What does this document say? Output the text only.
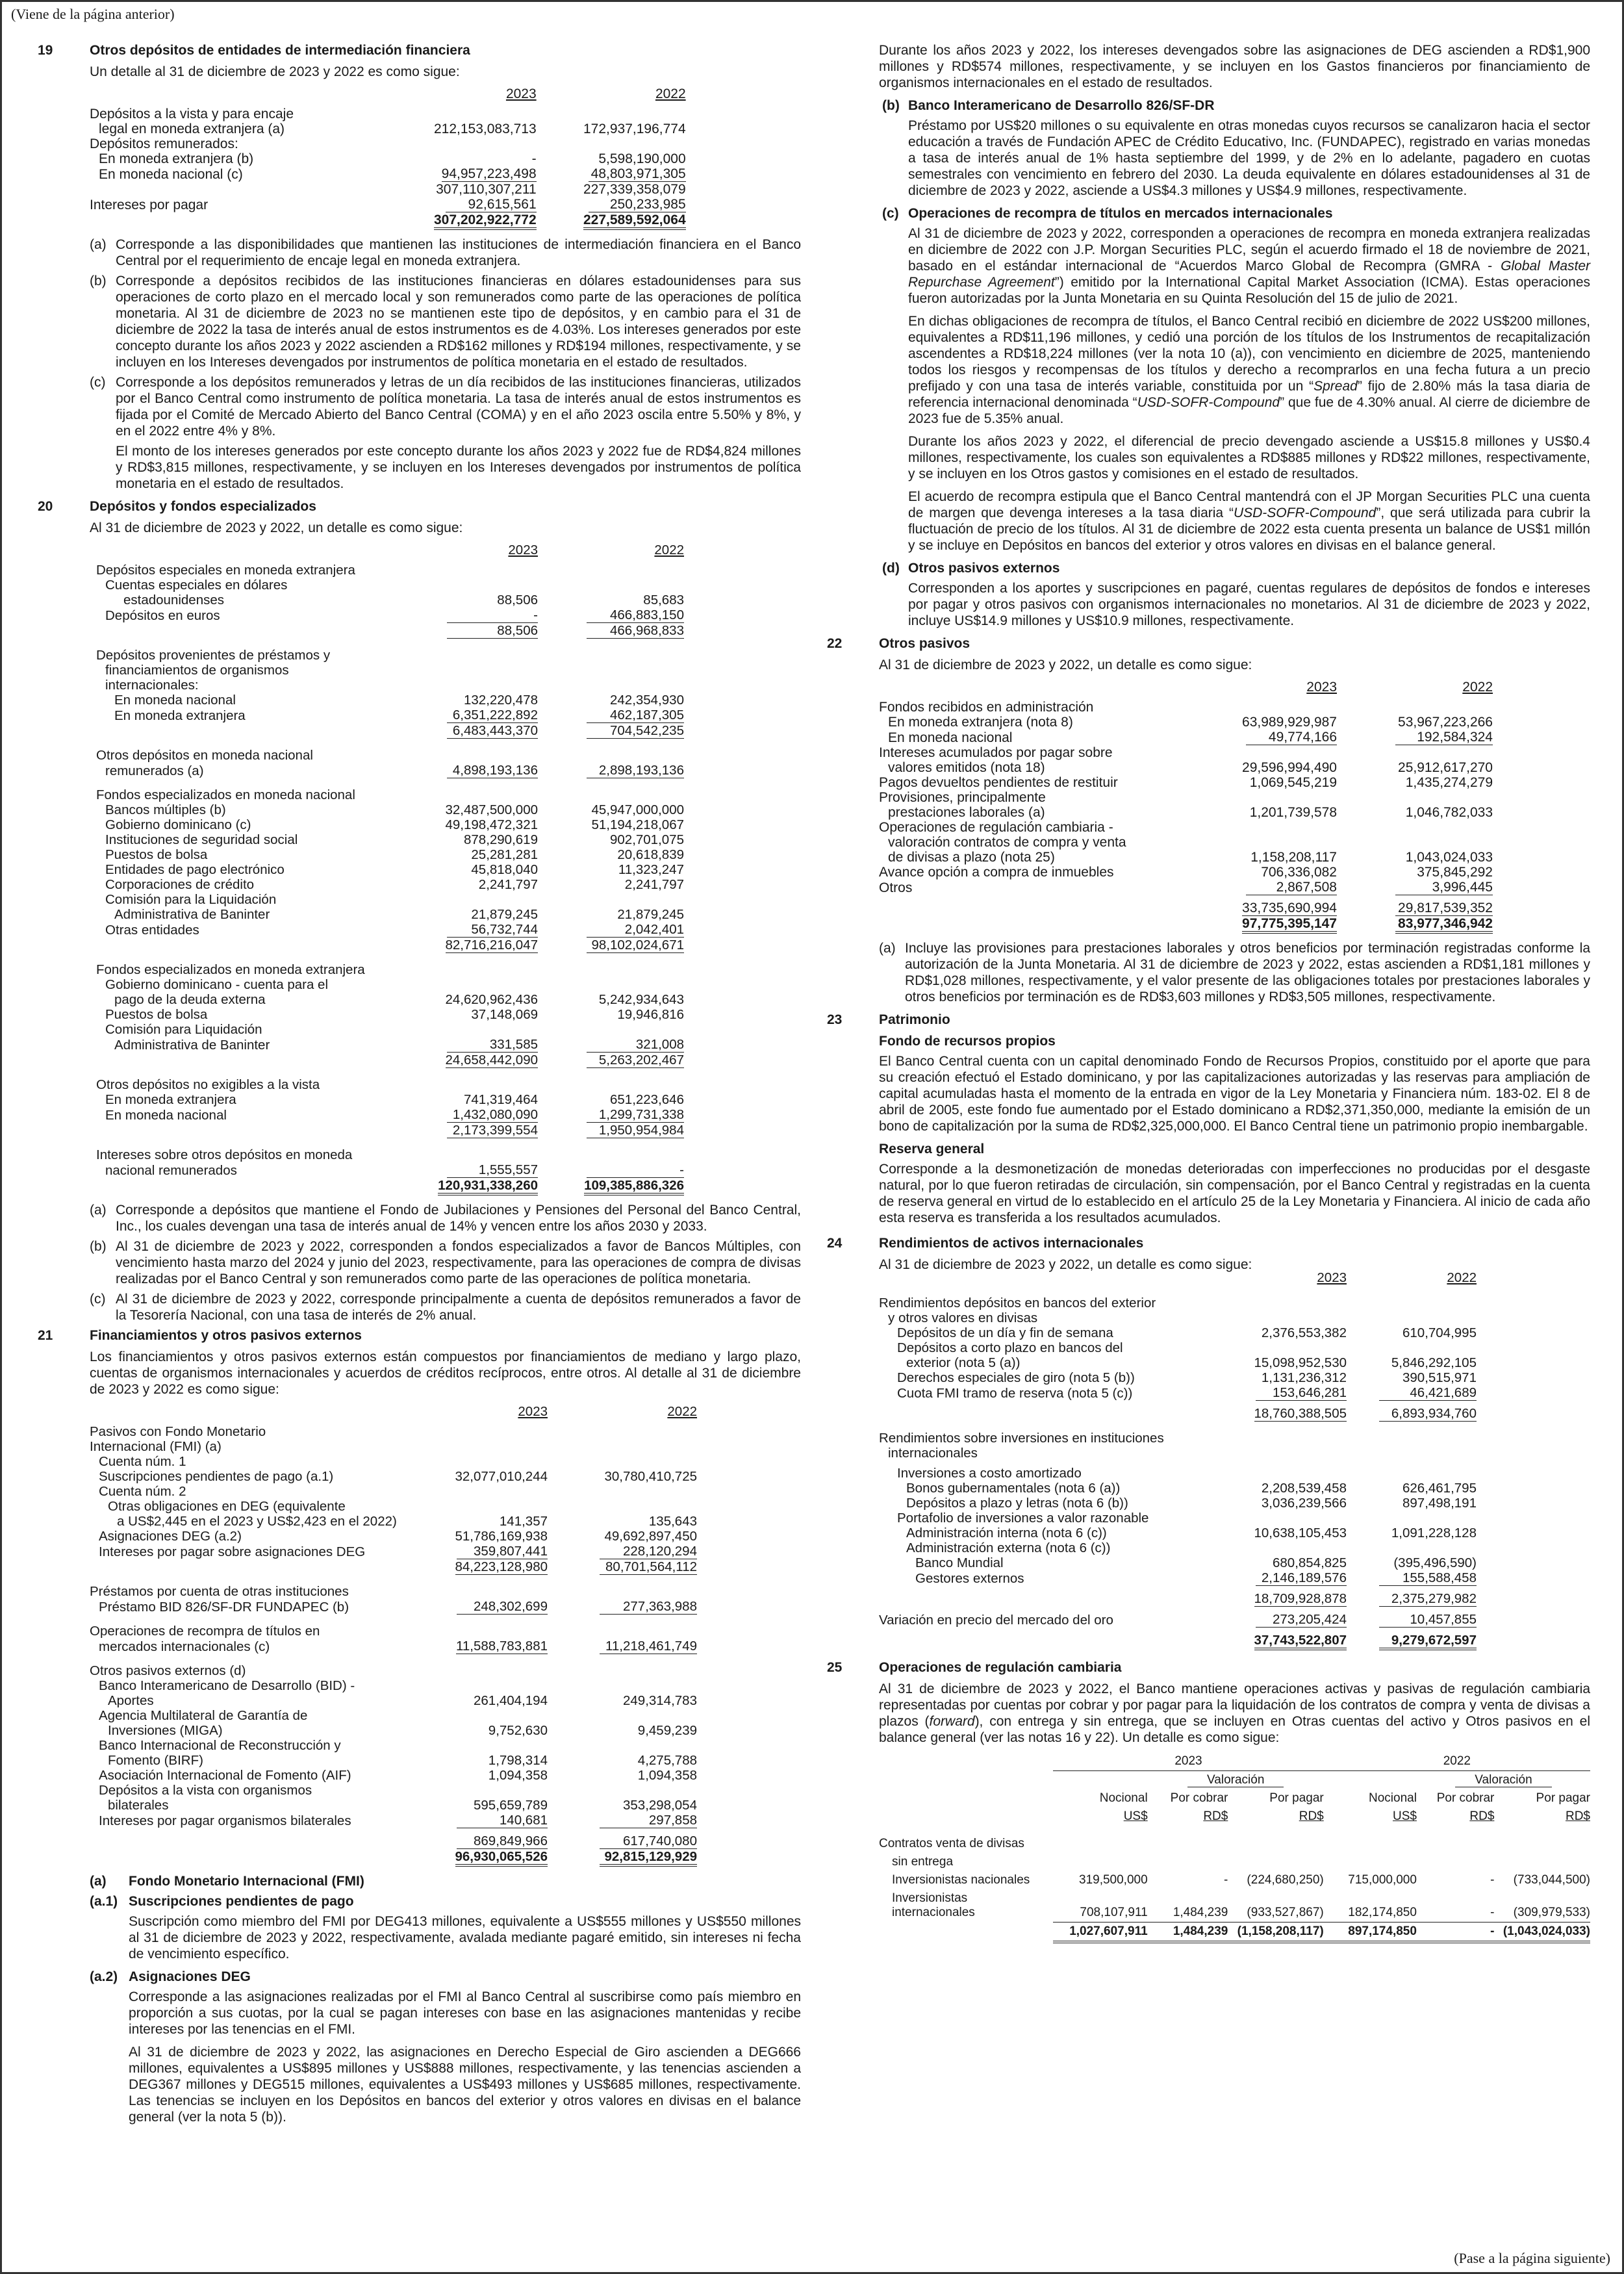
(Viene de la página anterior)
19	Otros depósitos de entidades de intermediación financiera

Un detalle al 31 de diciembre de 2023 y 2022 es como sigue:

	2023	2022

Depósitos a la vista y para encaje		
legal en moneda extranjera (a)	212,153,083,713	172,937,196,774
Depósitos remunerados:		
En moneda extranjera (b)	-	5,598,190,000
En moneda nacional (c)	94,957,223,498	48,803,971,305
	307,110,307,211	227,339,358,079
Intereses por pagar	92,615,561	250,233,985
	307,202,922,772	227,589,592,064
(a) Corresponde a las disponibilidades que mantienen las instituciones de intermediación financiera en el Banco Central por el requerimiento de encaje legal en moneda extranjera.
(b) Corresponde a depósitos recibidos de las instituciones financieras en dólares estadounidenses para sus operaciones de corto plazo en el mercado local y son remunerados como parte de las operaciones de política monetaria. Al 31 de diciembre de 2023 no se mantienen este tipo de depósitos, y en cambio para el 31 de diciembre de 2022 la tasa de interés anual de estos instrumentos es de 4.03%. Los intereses generados por este concepto durante los años 2023 y 2022 ascienden a RD$162 millones y RD$194 millones, respectivamente, y se incluyen en los Intereses devengados por instrumentos de política monetaria en el estado de resultados.
(c) Corresponde a los depósitos remunerados y letras de un día recibidos de las instituciones financieras, utilizados por el Banco Central como instrumento de política monetaria. La tasa de interés anual de estos instrumentos es fijada por el Comité de Mercado Abierto del Banco Central (COMA) y en el año 2023 oscila entre 5.50% y 8%, y en el 2022 entre 4% y 8%.

El monto de los intereses generados por este concepto durante los años 2023 y 2022 fue de RD$4,824 millones y RD$3,815 millones, respectivamente, y se incluyen en los Intereses devengados por instrumentos de política monetaria en el estado de resultados.

20	Depósitos y fondos especializados

Al 31 de diciembre de 2023 y 2022, un detalle es como sigue:

	2023	2022

Depósitos especiales en moneda extranjera		
Cuentas especiales en dólares		
estadounidenses	88,506	85,683
Depósitos en euros	-	466,883,150
	88,506	466,968,833

Depósitos provenientes de préstamos y		
financiamientos de organismos		
internacionales:		
En moneda nacional	132,220,478	242,354,930
En moneda extranjera	6,351,222,892	462,187,305
	6,483,443,370	704,542,235

Otros depósitos en moneda nacional		
remunerados (a)	4,898,193,136	2,898,193,136

Fondos especializados en moneda nacional		
Bancos múltiples (b)	32,487,500,000	45,947,000,000
Gobierno dominicano (c)	49,198,472,321	51,194,218,067
Instituciones de seguridad social	878,290,619	902,701,075
Puestos de bolsa	25,281,281	20,618,839
Entidades de pago electrónico	45,818,040	11,323,247
Corporaciones de crédito	2,241,797	2,241,797
Comisión para la Liquidación		
Administrativa de Baninter	21,879,245	21,879,245
Otras entidades	56,732,744	2,042,401
	82,716,216,047	98,102,024,671

Fondos especializados en moneda extranjera		
Gobierno dominicano - cuenta para el		
pago de la deuda externa	24,620,962,436	5,242,934,643
Puestos de bolsa	37,148,069	19,946,816
Comisión para Liquidación		
Administrativa de Baninter	331,585	321,008
	24,658,442,090	5,263,202,467

Otros depósitos no exigibles a la vista		
En moneda extranjera	741,319,464	651,223,646
En moneda nacional	1,432,080,090	1,299,731,338
	2,173,399,554	1,950,954,984

Intereses sobre otros depósitos en moneda		
nacional remunerados	1,555,557	-
	120,931,338,260	109,385,886,326
(a) Corresponde a depósitos que mantiene el Fondo de Jubilaciones y Pensiones del Personal del Banco Central, Inc., los cuales devengan una tasa de interés anual de 14% y vencen entre los años 2030 y 2033.
(b) Al 31 de diciembre de 2023 y 2022, corresponden a fondos especializados a favor de Bancos Múltiples, con vencimiento hasta marzo del 2024 y junio del 2023, respectivamente, para las operaciones de compra de divisas realizadas por el Banco Central y son remunerados como parte de las operaciones de política monetaria.
(c) Al 31 de diciembre de 2023 y 2022, corresponde principalmente a cuenta de depósitos remunerados a favor de la Tesorería Nacional, con una tasa de interés de 2% anual.
21	Financiamientos y otros pasivos externos

Los financiamientos y otros pasivos externos están compuestos por financiamientos de mediano y largo plazo, cuentas de organismos internacionales y acuerdos de créditos recíprocos, entre otros. Al detalle al 31 de diciembre de 2023 y 2022 es como sigue:

	2023	2022

Pasivos con Fondo Monetario		
Internacional (FMI) (a)		
Cuenta núm. 1		
Suscripciones pendientes de pago (a.1)	32,077,010,244	30,780,410,725
Cuenta núm. 2		
Otras obligaciones en DEG (equivalente		
a US$2,445 en el 2023 y US$2,423 en el 2022)	141,357	135,643
Asignaciones DEG (a.2)	51,786,169,938	49,692,897,450
Intereses por pagar sobre asignaciones DEG	359,807,441	228,120,294
	84,223,128,980	80,701,564,112

Préstamos por cuenta de otras instituciones		
Préstamo BID 826/SF-DR FUNDAPEC (b)	248,302,699	277,363,988

Operaciones de recompra de títulos en		
mercados internacionales (c)	11,588,783,881	11,218,461,749

Otros pasivos externos (d)		
Banco Interamericano de Desarrollo (BID) -		
Aportes	261,404,194	249,314,783
Agencia Multilateral de Garantía de		
Inversiones (MIGA)	9,752,630	9,459,239
Banco Internacional de Reconstrucción y		
Fomento (BIRF)	1,798,314	4,275,788
Asociación Internacional de Fomento (AIF)	1,094,358	1,094,358
Depósitos a la vista con organismos		
bilaterales	595,659,789	353,298,054
Intereses por pagar organismos bilaterales	140,681	297,858

	869,849,966	617,740,080
	96,930,065,526	92,815,129,929
(a)	Fondo Monetario Internacional (FMI)
(a.1) Suscripciones pendientes de pago

Suscripción como miembro del FMI por DEG413 millones, equivalente a US$555 millones y US$550 millones al 31 de diciembre de 2023 y 2022, respectivamente, avalada mediante pagaré emitido, sin intereses ni fecha de vencimiento específico.

(a.2) Asignaciones DEG

Corresponde a las asignaciones realizadas por el FMI al Banco Central al suscribirse como país miembro en proporción a sus cuotas, por la cual se pagan intereses con base en las asignaciones mantenidas y recibe intereses por las tenencias en el FMI.

Al 31 de diciembre de 2023 y 2022, las asignaciones en Derecho Especial de Giro ascienden a DEG666 millones, equivalentes a US$895 millones y US$888 millones, respectivamente, y las tenencias ascienden a DEG367 millones y DEG515 millones, equivalentes a US$493 millones y US$685 millones, respectivamente. Las tenencias se incluyen en los Depósitos en bancos del exterior y otros valores en divisas en el balance general (ver la nota 5 (b)).

Durante los años 2023 y 2022, los intereses devengados sobre las asignaciones de DEG ascienden a RD$1,900 millones y RD$574 millones, respectivamente, y se incluyen en los Gastos financieros por financiamiento de organismos internacionales en el estado de resultados.

(b) Banco Interamericano de Desarrollo 826/SF-DR

Préstamo por US$20 millones o su equivalente en otras monedas cuyos recursos se canalizaron hacia el sector educación a través de Fundación APEC de Crédito Educativo, Inc. (FUNDAPEC), registrado en varias monedas a tasa de interés anual de 1% hasta septiembre del 1999, y de 2% en lo adelante, pagadero en cuotas semestrales con vencimiento en febrero del 2030. La deuda equivalente en dólares estadounidenses al 31 de diciembre de 2023 y 2022, asciende a US$4.3 millones y US$4.9 millones, respectivamente.

(c) Operaciones de recompra de títulos en mercados internacionales

Al 31 de diciembre de 2023 y 2022, corresponden a operaciones de recompra en moneda extranjera realizadas en diciembre de 2022 con J.P. Morgan Securities PLC, según el acuerdo firmado el 18 de noviembre de 2021, basado en el estándar internacional de “Acuerdos Marco Global de Recompra (GMRA - Global Master Repurchase Agreement”) emitido por la International Capital Market Association (ICMA). Estas operaciones fueron autorizadas por la Junta Monetaria en su Quinta Resolución del 15 de julio de 2021.

En dichas obligaciones de recompra de títulos, el Banco Central recibió en diciembre de 2022 US$200 millones, equivalentes a RD$11,196 millones, y cedió una porción de los títulos de los Instrumentos de recapitalización ascendentes a RD$18,224 millones (ver la nota 10 (a)), con vencimiento en diciembre de 2025, manteniendo todos los riesgos y recompensas de los títulos y derecho a recomprarlos en una fecha futura a un precio prefijado y con una tasa de interés variable, constituida por un “Spread” fijo de 2.80% más la tasa diaria de referencia internacional denominada “USD-SOFR-Compound” que fue de 4.30% anual. Al cierre de diciembre de 2023 fue de 5.35% anual.

Durante los años 2023 y 2022, el diferencial de precio devengado asciende a US$15.8 millones y US$0.4 millones, respectivamente, los cuales son equivalentes a RD$885 millones y RD$22 millones, respectivamente, y se incluyen en los Otros gastos y comisiones en el estado de resultados.

El acuerdo de recompra estipula que el Banco Central mantendrá con el JP Morgan Securities PLC una cuenta de margen que devenga intereses a la tasa diaria “USD-SOFR-Compound”, que será utilizada para cubrir la fluctuación de precio de los títulos. Al 31 de diciembre de 2022 esta cuenta presenta un balance de US$1 millón y se incluye en Depósitos en bancos del exterior y otros valores en divisas en el balance general.

(d) Otros pasivos externos

Corresponden a los aportes y suscripciones en pagaré, cuentas regulares de depósitos de fondos e intereses por pagar y otros pasivos con organismos internacionales no monetarios. Al 31 de diciembre de 2023 y 2022, incluye US$14.9 millones y US$10.9 millones, respectivamente.

22	Otros pasivos

Al 31 de diciembre de 2023 y 2022, un detalle es como sigue:

	2023	2022

Fondos recibidos en administración		
En moneda extranjera (nota 8)	63,989,929,987	53,967,223,266
En moneda nacional	49,774,166	192,584,324
Intereses acumulados por pagar sobre		
valores emitidos (nota 18)	29,596,994,490	25,912,617,270
Pagos devueltos pendientes de restituir	1,069,545,219	1,435,274,279
Provisiones, principalmente		
prestaciones laborales (a)	1,201,739,578	1,046,782,033
Operaciones de regulación cambiaria -		
valoración contratos de compra y venta		
de divisas a plazo (nota 25)	1,158,208,117	1,043,024,033
Avance opción a compra de inmuebles	706,336,082	375,845,292
Otros	2,867,508	3,996,445

	33,735,690,994	29,817,539,352
	97,775,395,147	83,977,346,942
(a) Incluye las provisiones para prestaciones laborales y otros beneficios por terminación registradas conforme la autorización de la Junta Monetaria. Al 31 de diciembre de 2023 y 2022, estas ascienden a RD$1,181 millones y RD$1,028 millones, respectivamente, y el valor presente de las obligaciones totales por prestaciones laborales y otros beneficios por terminación es de RD$3,603 millones y RD$3,505 millones, respectivamente.
23	Patrimonio
Fondo de recursos propios

El Banco Central cuenta con un capital denominado Fondo de Recursos Propios, constituido por el aporte que para su creación efectuó el Estado dominicano, y por las capitalizaciones autorizadas y las reservas para ampliación de capital acumuladas hasta el momento de la entrada en vigor de la Ley Monetaria y Financiera núm. 183-02. El 8 de abril de 2005, este fondo fue aumentado por el Estado dominicano a RD$2,371,350,000, mediante la emisión de un bono de capitalización por la suma de RD$2,325,000,000. El Banco Central tiene un patrimonio propio inembargable.

Reserva general

Corresponde a la desmonetización de monedas deterioradas con imperfecciones no producidas por el desgaste natural, por lo que fueron retiradas de circulación, sin compensación, por el Banco Central y registradas en la cuenta de reserva general en virtud de lo establecido en el artículo 25 de la Ley Monetaria y Financiera. Al inicio de cada año esta reserva es transferida a los resultados acumulados.

24	Rendimientos de activos internacionales

Al 31 de diciembre de 2023 y 2022, un detalle es como sigue:

	2023	2022

Rendimientos depósitos en bancos del exterior		
y otros valores en divisas		
Depósitos de un día y fin de semana	2,376,553,382	610,704,995
Depósitos a corto plazo en bancos del		
exterior (nota 5 (a))	15,098,952,530	5,846,292,105
Derechos especiales de giro (nota 5 (b))	1,131,236,312	390,515,971
Cuota FMI tramo de reserva (nota 5 (c))	153,646,281	46,421,689

	18,760,388,505	6,893,934,760

Rendimientos sobre inversiones en instituciones		
internacionales		

Inversiones a costo amortizado		
Bonos gubernamentales (nota 6 (a))	2,208,539,458	626,461,795
Depósitos a plazo y letras (nota 6 (b))	3,036,239,566	897,498,191
Portafolio de inversiones a valor razonable		
Administración interna (nota 6 (c))	10,638,105,453	1,091,228,128
Administración externa (nota 6 (c))		
Banco Mundial	680,854,825	(395,496,590)
Gestores externos	2,146,189,576	155,588,458

	18,709,928,878	2,375,279,982

Variación en precio del mercado del oro	273,205,424	10,457,855

	37,743,522,807	9,279,672,597
25	Operaciones de regulación cambiaria

Al 31 de diciembre de 2023 y 2022, el Banco mantiene operaciones activas y pasivas de regulación cambiaria representadas por cuentas por cobrar y por pagar para la liquidación de los contratos de compra y venta de divisas a plazos (forward), con entrega y sin entrega, que se incluyen en Otras cuentas del activo y Otros pasivos en el balance general (ver las notas 16 y 22). Un detalle es como sigue:

	2023			2022		
		Valoración			Valoración	
	Nocional	Por cobrar	Por pagar	Nocional	Por cobrar	Por pagar
	US$	RD$	RD$	US$	RD$	RD$

Contratos venta de divisas						
sin entrega						
Inversionistas nacionales	319,500,000	-	(224,680,250)	715,000,000	-	(733,044,500)
Inversionistas internacionales	708,107,911	1,484,239	(933,527,867)	182,174,850	-	(309,979,533)
	1,027,607,911	1,484,239	(1,158,208,117)	897,174,850	-	(1,043,024,033)
(Pase a la página siguiente)
